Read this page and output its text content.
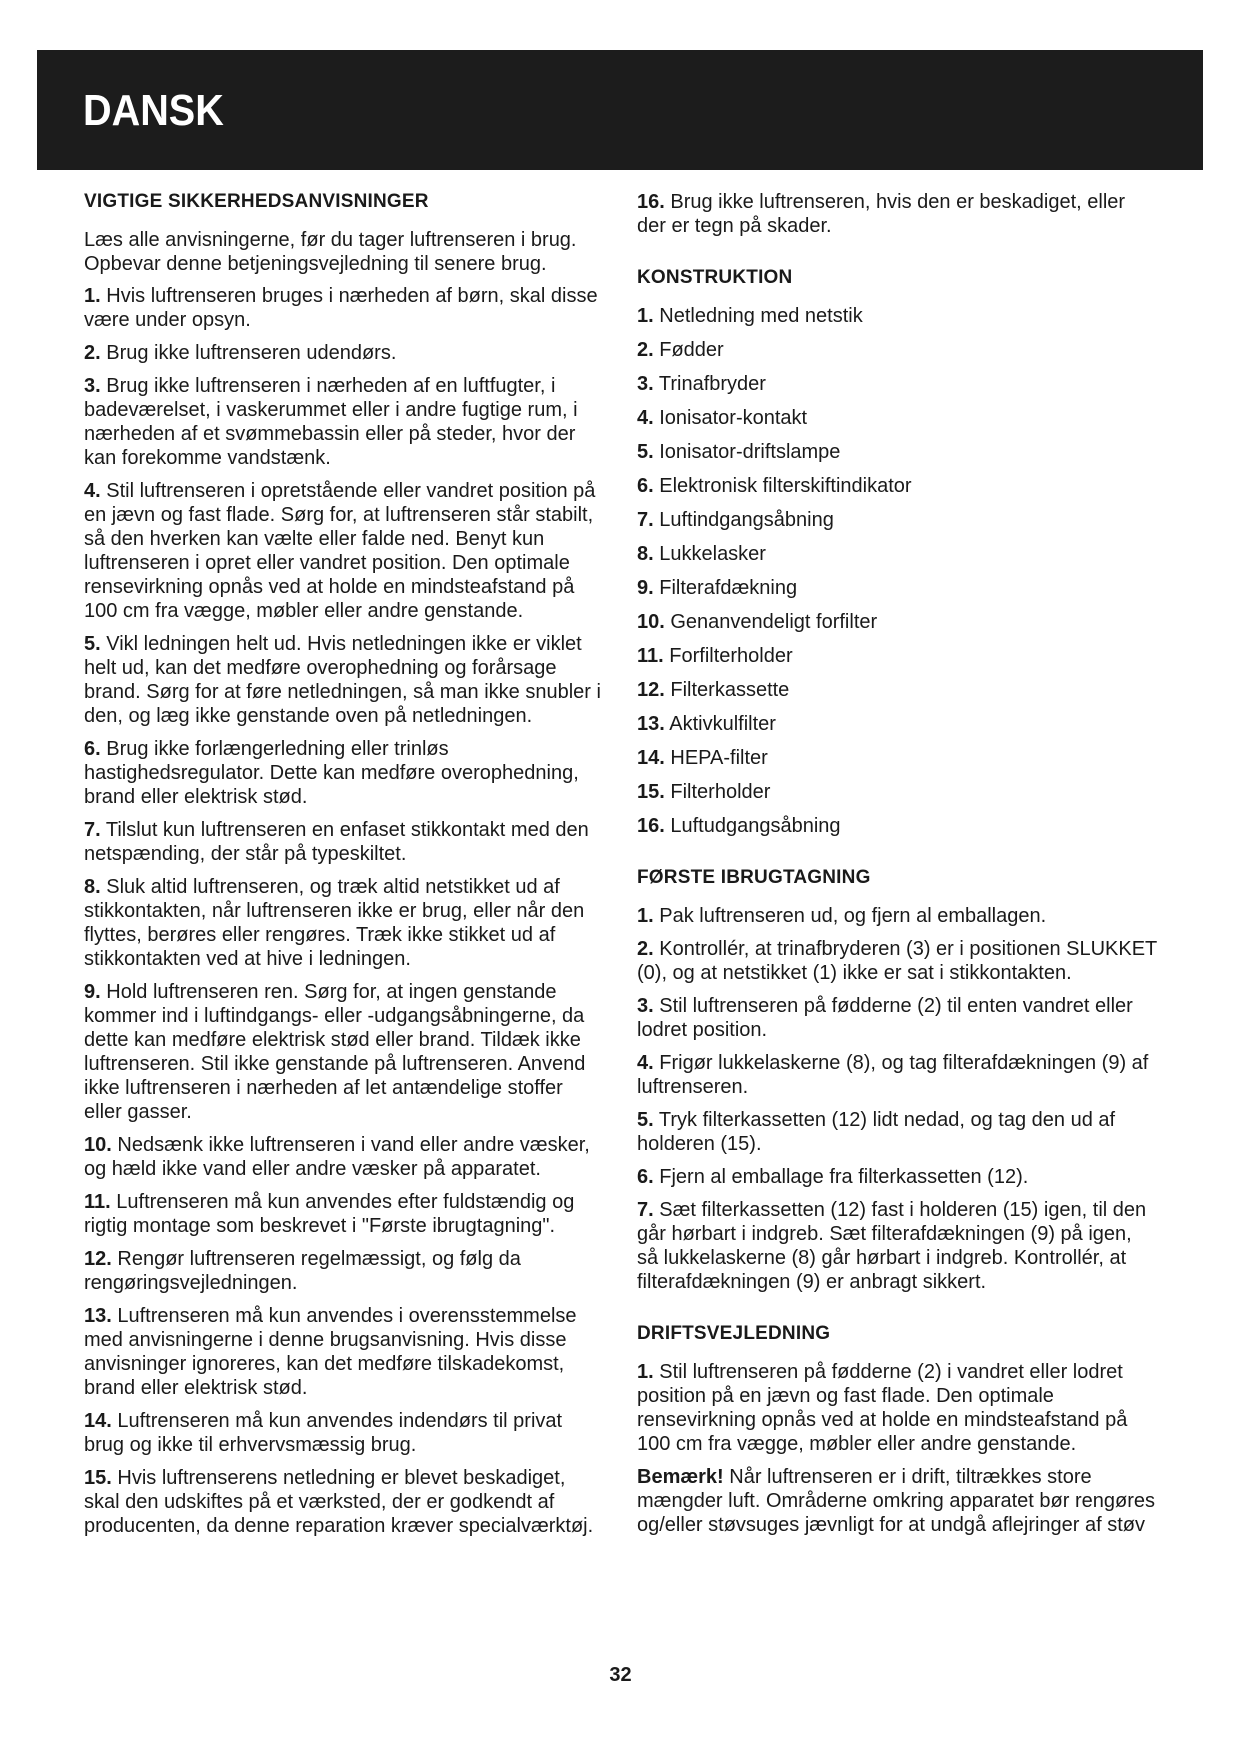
DANSK
VIGTIGE SIKKERHEDSANVISNINGER

Læs alle anvisningerne, før du tager luftrenseren i brug. Opbevar denne betjeningsvejledning til senere brug.

1. Hvis luftrenseren bruges i nærheden af børn, skal disse være under opsyn.

2. Brug ikke luftrenseren udendørs.

3. Brug ikke luftrenseren i nærheden af en luftfugter, i badeværelset, i vaskerummet eller i andre fugtige rum, i nærheden af et svømmebassin eller på steder, hvor der kan forekomme vandstænk.

4. Stil luftrenseren i opretstående eller vandret position på en jævn og fast flade. Sørg for, at luftrenseren står stabilt, så den hverken kan vælte eller falde ned. Benyt kun luftrenseren i opret eller vandret position. Den optimale rensevirkning opnås ved at holde en mindsteafstand på 100 cm fra vægge, møbler eller andre genstande.

5. Vikl ledningen helt ud. Hvis netledningen ikke er viklet helt ud, kan det medføre overophedning og forårsage brand. Sørg for at føre netledningen, så man ikke snubler i den, og læg ikke genstande oven på netledningen.

6. Brug ikke forlængerledning eller trinløs hastighedsregulator. Dette kan medføre overophedning, brand eller elektrisk stød.

7. Tilslut kun luftrenseren en enfaset stikkontakt med den netspænding, der står på typeskiltet.

8. Sluk altid luftrenseren, og træk altid netstikket ud af stikkontakten, når luftrenseren ikke er brug, eller når den flyttes, berøres eller rengøres. Træk ikke stikket ud af stikkontakten ved at hive i ledningen.

9. Hold luftrenseren ren. Sørg for, at ingen genstande kommer ind i luftindgangs- eller -udgangsåbningerne, da dette kan medføre elektrisk stød eller brand. Tildæk ikke luftrenseren. Stil ikke genstande på luftrenseren. Anvend ikke luftrenseren i nærheden af let antændelige stoffer eller gasser.

10. Nedsænk ikke luftrenseren i vand eller andre væsker, og hæld ikke vand eller andre væsker på apparatet.

11. Luftrenseren må kun anvendes efter fuldstændig og rigtig montage som beskrevet i "Første ibrugtagning".

12. Rengør luftrenseren regelmæssigt, og følg da rengøringsvejledningen.

13. Luftrenseren må kun anvendes i overensstemmelse med anvisningerne i denne brugsanvisning. Hvis disse anvisninger ignoreres, kan det medføre tilskadekomst, brand eller elektrisk stød.

14. Luftrenseren må kun anvendes indendørs til privat brug og ikke til erhvervsmæssig brug.

15. Hvis luftrenserens netledning er blevet beskadiget, skal den udskiftes på et værksted, der er godkendt af producenten, da denne reparation kræver specialværktøj.

16. Brug ikke luftrenseren, hvis den er beskadiget, eller der er tegn på skader.

KONSTRUKTION

1. Netledning med netstik

2. Fødder

3. Trinafbryder

4. Ionisator-kontakt

5. Ionisator-driftslampe

6. Elektronisk filterskiftindikator

7. Luftindgangsåbning

8. Lukkelasker

9. Filterafdækning

10. Genanvendeligt forfilter

11. Forfilterholder

12. Filterkassette

13. Aktivkulfilter

14. HEPA-filter

15. Filterholder

16. Luftudgangsåbning

FØRSTE IBRUGTAGNING

1. Pak luftrenseren ud, og fjern al emballagen.

2. Kontrollér, at trinafbryderen (3) er i positionen SLUKKET (0), og at netstikket (1) ikke er sat i stikkontakten.

3. Stil luftrenseren på fødderne (2) til enten vandret eller lodret position.

4. Frigør lukkelaskerne (8), og tag filterafdækningen (9) af luftrenseren.

5. Tryk filterkassetten (12) lidt nedad, og tag den ud af holderen (15).

6. Fjern al emballage fra filterkassetten (12).

7. Sæt filterkassetten (12) fast i holderen (15) igen, til den går hørbart i indgreb. Sæt filterafdækningen (9) på igen, så lukkelaskerne (8) går hørbart i indgreb. Kontrollér, at filterafdækningen (9) er anbragt sikkert.

DRIFTSVEJLEDNING

1. Stil luftrenseren på fødderne (2) i vandret eller lodret position på en jævn og fast flade. Den optimale rensevirkning opnås ved at holde en mindsteafstand på 100 cm fra vægge, møbler eller andre genstande.

Bemærk! Når luftrenseren er i drift, tiltrækkes store mængder luft. Områderne omkring apparatet bør rengøres og/eller støvsuges jævnligt for at undgå aflejringer af støv

32
